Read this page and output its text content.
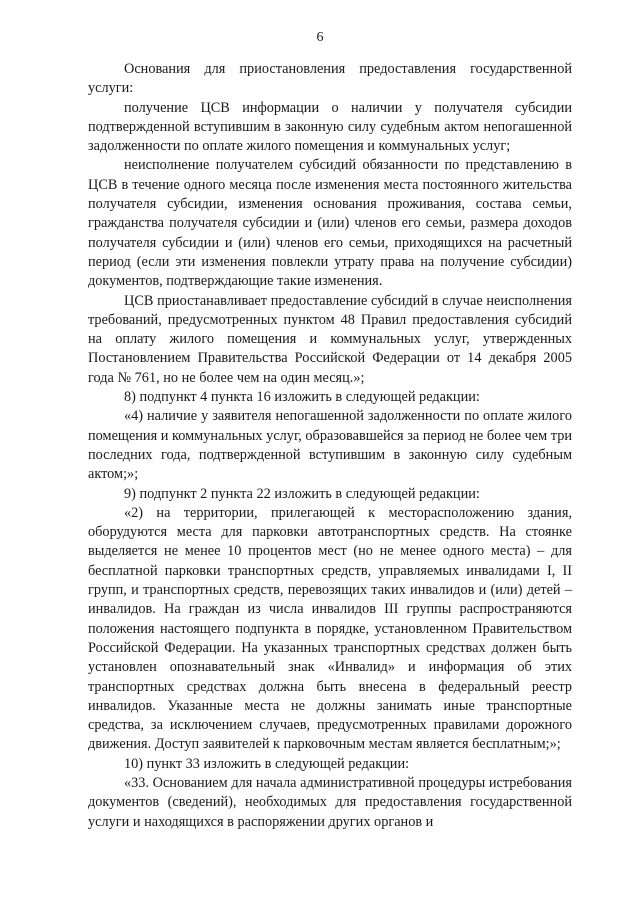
6

Основания для приостановления предоставления государственной услуги:

получение ЦСВ информации о наличии у получателя субсидии подтвержденной вступившим в законную силу судебным актом непогашенной задолженности по оплате жилого помещения и коммунальных услуг;

неисполнение получателем субсидий обязанности по представлению в ЦСВ в течение одного месяца после изменения места постоянного жительства получателя субсидии, изменения основания проживания, состава семьи, гражданства получателя субсидии и (или) членов его семьи, размера доходов получателя субсидии и (или) членов его семьи, приходящихся на расчетный период (если эти изменения повлекли утрату права на получение субсидии) документов, подтверждающие такие изменения.

ЦСВ приостанавливает предоставление субсидий в случае неисполнения требований, предусмотренных пунктом 48 Правил предоставления субсидий на оплату жилого помещения и коммунальных услуг, утвержденных Постановлением Правительства Российской Федерации от 14 декабря 2005 года № 761, но не более чем на один месяц.»;

8) подпункт 4 пункта 16 изложить в следующей редакции:

«4) наличие у заявителя непогашенной задолженности по оплате жилого помещения и коммунальных услуг, образовавшейся за период не более чем три последних года, подтвержденной вступившим в законную силу судебным актом;»;

9) подпункт 2 пункта 22 изложить в следующей редакции:

«2) на территории, прилегающей к месторасположению здания, оборудуются места для парковки автотранспортных средств. На стоянке выделяется не менее 10 процентов мест (но не менее одного места) – для бесплатной парковки транспортных средств, управляемых инвалидами I, II групп, и транспортных средств, перевозящих таких инвалидов и (или) детей – инвалидов. На граждан из числа инвалидов III группы распространяются положения настоящего подпункта в порядке, установленном Правительством Российской Федерации. На указанных транспортных средствах должен быть установлен опознавательный знак «Инвалид» и информация об этих транспортных средствах должна быть внесена в федеральный реестр инвалидов. Указанные места не должны занимать иные транспортные средства, за исключением случаев, предусмотренных правилами дорожного движения. Доступ заявителей к парковочным местам является бесплатным;»;

10) пункт 33 изложить в следующей редакции:

«33. Основанием для начала административной процедуры истребования документов (сведений), необходимых для предоставления государственной услуги и находящихся в распоряжении других органов и
